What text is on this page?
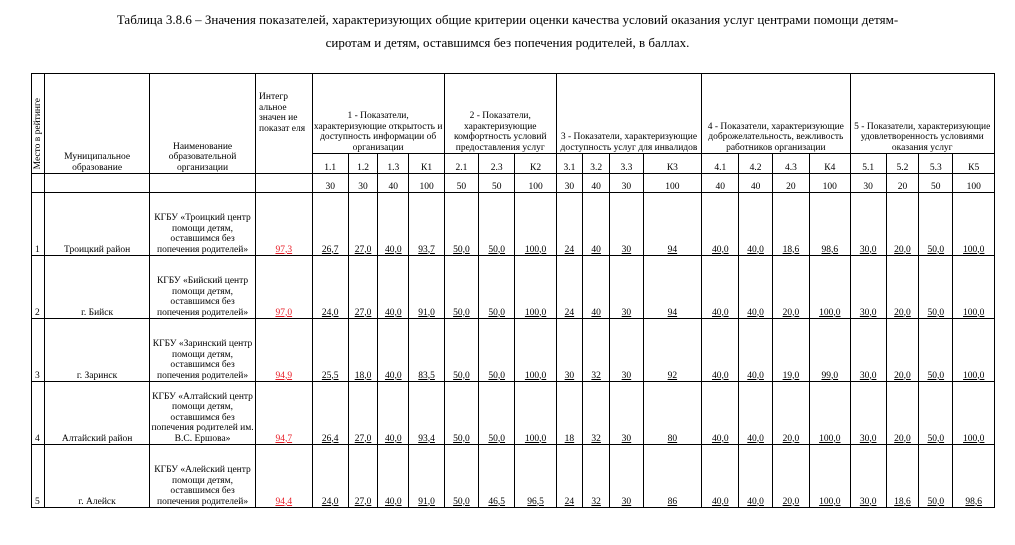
Таблица 3.8.6 – Значения показателей, характеризующих общие критерии оценки качества условий оказания услуг центрами помощи детям-
сиротам и детям, оставшимся без попечения родителей, в баллах.
Место в рейтинге	Муниципальное образование	Наименование образовательной организации	Интегр альное значен ие показат еля	1 - Показатели, характеризующие открытость и доступность информации об организации				2 - Показатели, характеризующие комфортность условий предоставления услуг			3 - Показатели, характеризующие доступность услуг для инвалидов				4 - Показатели, характеризующие доброжелательность, вежливость работников организации				5 - Показатели, характеризующие удовлетворенность условиями оказания услуг			
				1.1	1.2	1.3	К1	2.1	2.3	К2	3.1	3.2	3.3	К3	4.1	4.2	4.3	К4	5.1	5.2	5.3	К5
				30	30	40	100	50	50	100	30	40	30	100	40	40	20	100	30	20	50	100
1	Троицкий район	КГБУ «Троицкий центр помощи детям, оставшимся без попечения родителей»	97,3	26,7	27,0	40,0	93,7	50,0	50,0	100,0	24	40	30	94	40,0	40,0	18,6	98,6	30,0	20,0	50,0	100,0
2	г. Бийск	КГБУ «Бийский центр помощи детям, оставшимся без попечения родителей»	97,0	24,0	27,0	40,0	91,0	50,0	50,0	100,0	24	40	30	94	40,0	40,0	20,0	100,0	30,0	20,0	50,0	100,0
3	г. Заринск	КГБУ «Заринский центр помощи детям, оставшимся без попечения родителей»	94,9	25,5	18,0	40,0	83,5	50,0	50,0	100,0	30	32	30	92	40,0	40,0	19,0	99,0	30,0	20,0	50,0	100,0
4	Алтайский район	КГБУ «Алтайский центр помощи детям, оставшимся без попечения родителей им. В.С. Ершова»	94,7	26,4	27,0	40,0	93,4	50,0	50,0	100,0	18	32	30	80	40,0	40,0	20,0	100,0	30,0	20,0	50,0	100,0
5	г. Алейск	КГБУ «Алейский центр помощи детям, оставшимся без попечения родителей»	94,4	24,0	27,0	40,0	91,0	50,0	46,5	96,5	24	32	30	86	40,0	40,0	20,0	100,0	30,0	18,6	50,0	98,6
